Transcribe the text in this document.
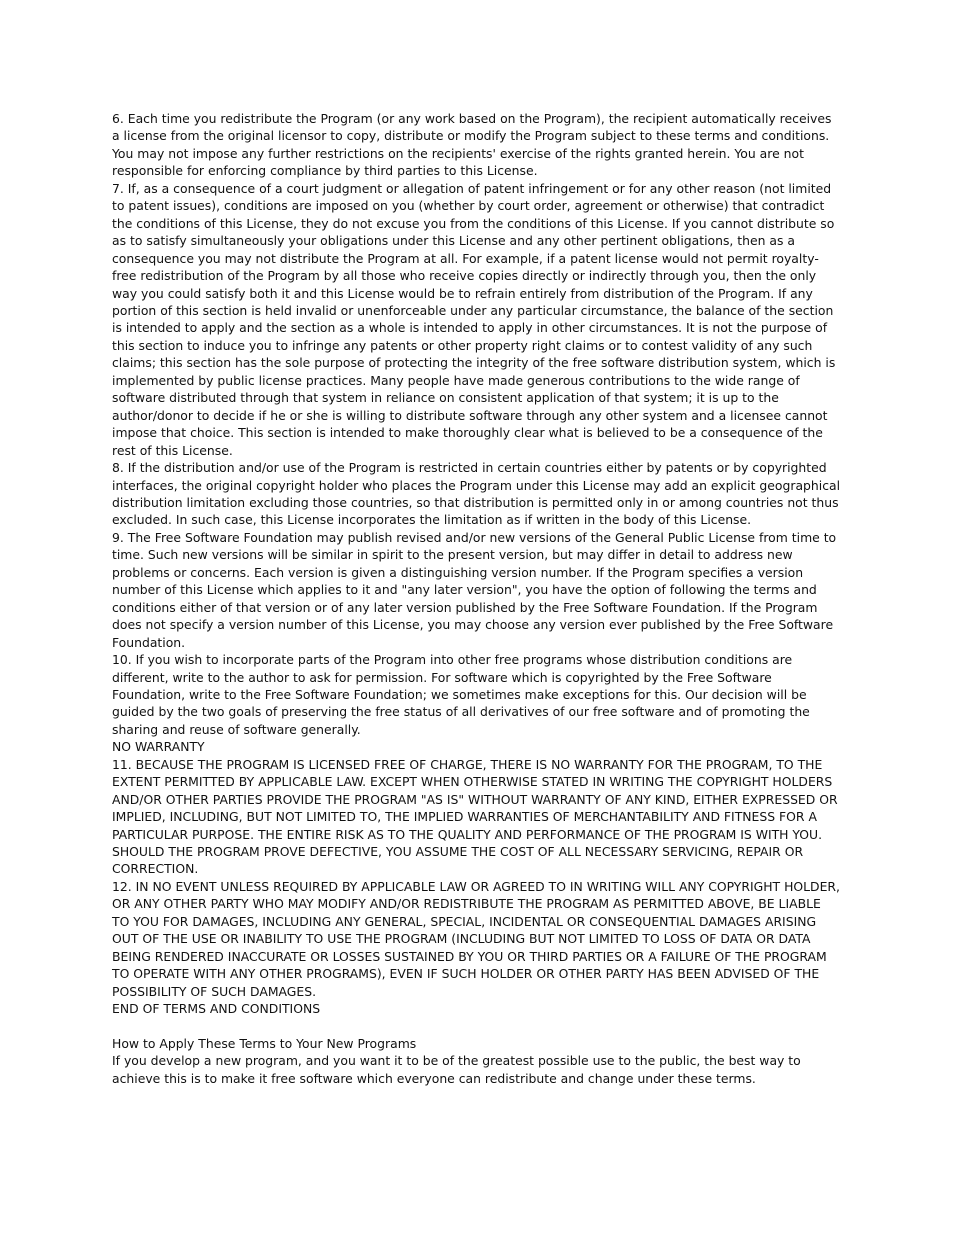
6. Each time you redistribute the Program (or any work based on the Program), the recipient automatically receives a license from the original licensor to copy, distribute or modify the Program subject to these terms and conditions. You may not impose any further restrictions on the recipients' exercise of the rights granted herein. You are not responsible for enforcing compliance by third parties to this License.

7. If, as a consequence of a court judgment or allegation of patent infringement or for any other reason (not limited to patent issues), conditions are imposed on you (whether by court order, agreement or otherwise) that contradict the conditions of this License, they do not excuse you from the conditions of this License. If you cannot distribute so as to satisfy simultaneously your obligations under this License and any other pertinent obligations, then as a consequence you may not distribute the Program at all. For example, if a patent license would not permit royalty-free redistribution of the Program by all those who receive copies directly or indirectly through you, then the only way you could satisfy both it and this License would be to refrain entirely from distribution of the Program. If any portion of this section is held invalid or unenforceable under any particular circumstance, the balance of the section is intended to apply and the section as a whole is intended to apply in other circumstances. It is not the purpose of this section to induce you to infringe any patents or other property right claims or to contest validity of any such claims; this section has the sole purpose of protecting the integrity of the free software distribution system, which is implemented by public license practices. Many people have made generous contributions to the wide range of software distributed through that system in reliance on consistent application of that system; it is up to the author/donor to decide if he or she is willing to distribute software through any other system and a licensee cannot impose that choice. This section is intended to make thoroughly clear what is believed to be a consequence of the rest of this License.

8. If the distribution and/or use of the Program is restricted in certain countries either by patents or by copyrighted interfaces, the original copyright holder who places the Program under this License may add an explicit geographical distribution limitation excluding those countries, so that distribution is permitted only in or among countries not thus excluded. In such case, this License incorporates the limitation as if written in the body of this License.

9. The Free Software Foundation may publish revised and/or new versions of the General Public License from time to time. Such new versions will be similar in spirit to the present version, but may differ in detail to address new problems or concerns. Each version is given a distinguishing version number. If the Program specifies a version number of this License which applies to it and "any later version", you have the option of following the terms and conditions either of that version or of any later version published by the Free Software Foundation. If the Program does not specify a version number of this License, you may choose any version ever published by the Free Software Foundation.

10. If you wish to incorporate parts of the Program into other free programs whose distribution conditions are different, write to the author to ask for permission. For software which is copyrighted by the Free Software Foundation, write to the Free Software Foundation; we sometimes make exceptions for this. Our decision will be guided by the two goals of preserving the free status of all derivatives of our free software and of promoting the sharing and reuse of software generally.

NO WARRANTY

11. BECAUSE THE PROGRAM IS LICENSED FREE OF CHARGE, THERE IS NO WARRANTY FOR THE PROGRAM, TO THE EXTENT PERMITTED BY APPLICABLE LAW. EXCEPT WHEN OTHERWISE STATED IN WRITING THE COPYRIGHT HOLDERS AND/OR OTHER PARTIES PROVIDE THE PROGRAM "AS IS" WITHOUT WARRANTY OF ANY KIND, EITHER EXPRESSED OR IMPLIED, INCLUDING, BUT NOT LIMITED TO, THE IMPLIED WARRANTIES OF MERCHANTABILITY AND FITNESS FOR A PARTICULAR PURPOSE. THE ENTIRE RISK AS TO THE QUALITY AND PERFORMANCE OF THE PROGRAM IS WITH YOU. SHOULD THE PROGRAM PROVE DEFECTIVE, YOU ASSUME THE COST OF ALL NECESSARY SERVICING, REPAIR OR CORRECTION.

12. IN NO EVENT UNLESS REQUIRED BY APPLICABLE LAW OR AGREED TO IN WRITING WILL ANY COPYRIGHT HOLDER, OR ANY OTHER PARTY WHO MAY MODIFY AND/OR REDISTRIBUTE THE PROGRAM AS PERMITTED ABOVE, BE LIABLE TO YOU FOR DAMAGES, INCLUDING ANY GENERAL, SPECIAL, INCIDENTAL OR CONSEQUENTIAL DAMAGES ARISING OUT OF THE USE OR INABILITY TO USE THE PROGRAM (INCLUDING BUT NOT LIMITED TO LOSS OF DATA OR DATA BEING RENDERED INACCURATE OR LOSSES SUSTAINED BY YOU OR THIRD PARTIES OR A FAILURE OF THE PROGRAM TO OPERATE WITH ANY OTHER PROGRAMS), EVEN IF SUCH HOLDER OR OTHER PARTY HAS BEEN ADVISED OF THE POSSIBILITY OF SUCH DAMAGES.

END OF TERMS AND CONDITIONS

How to Apply These Terms to Your New Programs

If you develop a new program, and you want it to be of the greatest possible use to the public, the best way to achieve this is to make it free software which everyone can redistribute and change under these terms.
